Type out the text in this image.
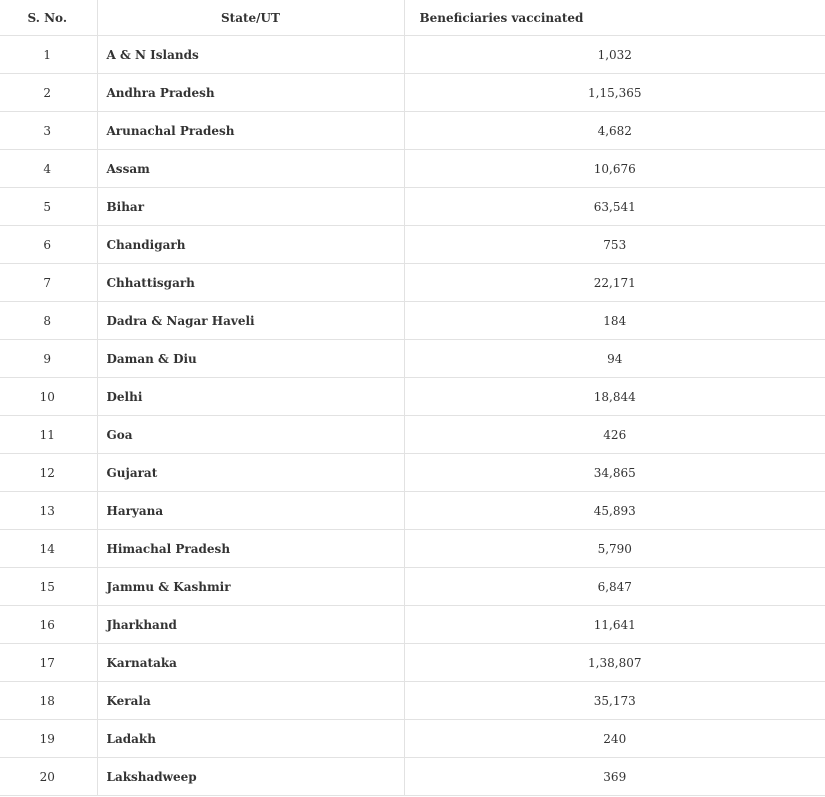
S. No.	State/UT	Beneficiaries vaccinated
1	A & N Islands	1,032
2	Andhra Pradesh	1,15,365
3	Arunachal Pradesh	4,682
4	Assam	10,676
5	Bihar	63,541
6	Chandigarh	753
7	Chhattisgarh	22,171
8	Dadra & Nagar Haveli	184
9	Daman & Diu	94
10	Delhi	18,844
11	Goa	426
12	Gujarat	34,865
13	Haryana	45,893
14	Himachal Pradesh	5,790
15	Jammu & Kashmir	6,847
16	Jharkhand	11,641
17	Karnataka	1,38,807
18	Kerala	35,173
19	Ladakh	240
20	Lakshadweep	369
